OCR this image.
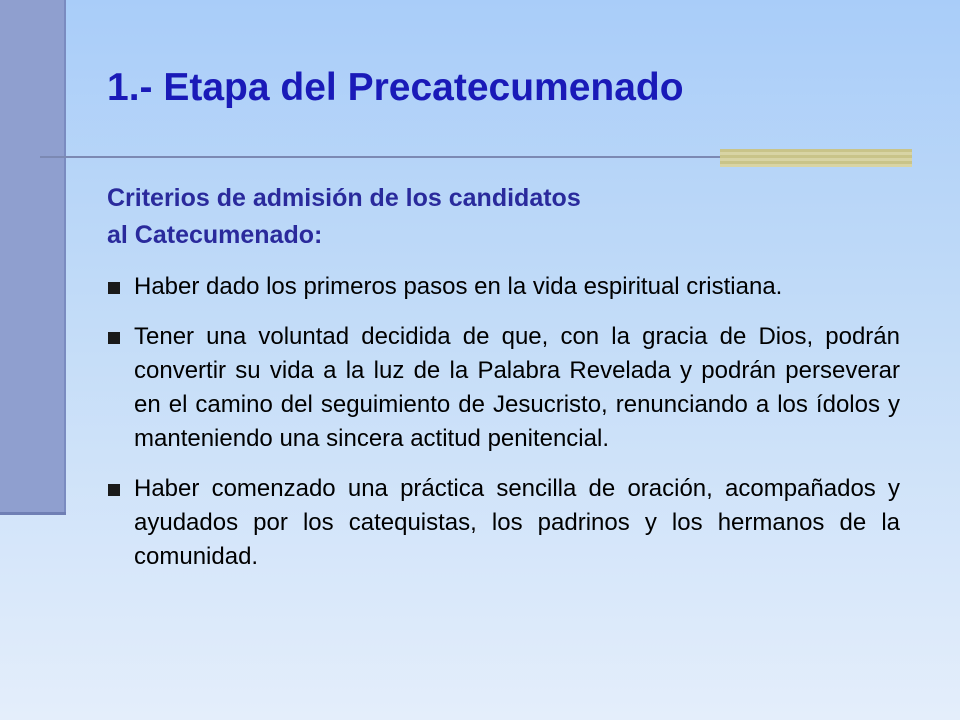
1.- Etapa del Precatecumenado
Criterios de admisión de los candidatos
al Catecumenado:
Haber dado los primeros pasos en la vida espiritual cristiana.
Tener una voluntad decidida de que, con la gracia de Dios, podrán convertir su vida a la luz de la Palabra Revelada y podrán perseverar en el camino del seguimiento de Jesucristo, renunciando a los ídolos y manteniendo una sincera actitud penitencial.
Haber comenzado una práctica sencilla de oración, acompañados y ayudados por los catequistas, los padrinos y los hermanos de la comunidad.
